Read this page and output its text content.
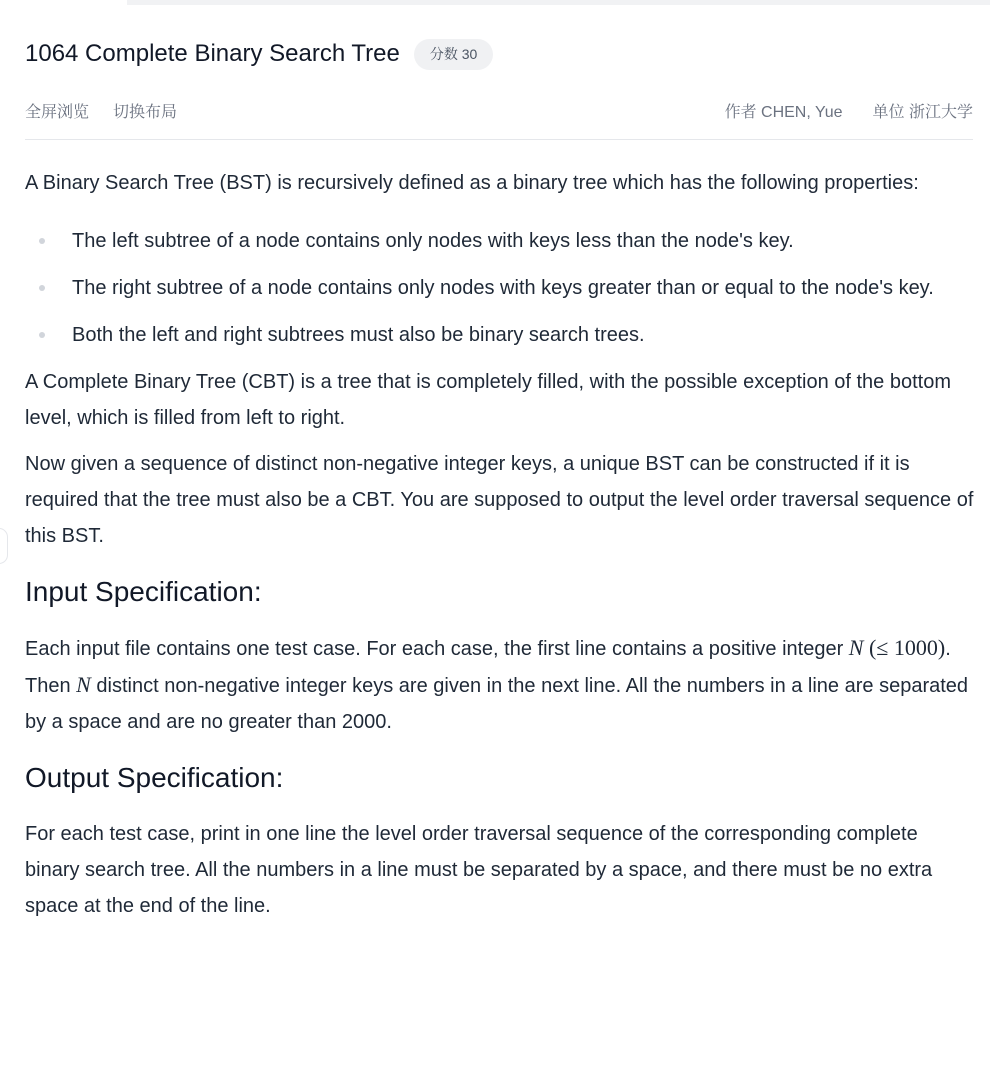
1064 Complete Binary Search Tree	分数 30
全屏浏览 切换布局	作者 CHEN, Yue 单位 浙江大学

A Binary Search Tree (BST) is recursively defined as a binary tree which has the following properties:

The left subtree of a node contains only nodes with keys less than the node's key.
The right subtree of a node contains only nodes with keys greater than or equal to the node's key.
Both the left and right subtrees must also be binary search trees.

A Complete Binary Tree (CBT) is a tree that is completely filled, with the possible exception of the bottom level, which is filled from left to right.

Now given a sequence of distinct non-negative integer keys, a unique BST can be constructed if it is required that the tree must also be a CBT. You are supposed to output the level order traversal sequence of this BST.

Input Specification:

Each input file contains one test case. For each case, the first line contains a positive integer N (≤ 1000). Then N distinct non-negative integer keys are given in the next line. All the numbers in a line are separated by a space and are no greater than 2000.

Output Specification:

For each test case, print in one line the level order traversal sequence of the corresponding complete binary search tree. All the numbers in a line must be separated by a space, and there must be no extra space at the end of the line.
